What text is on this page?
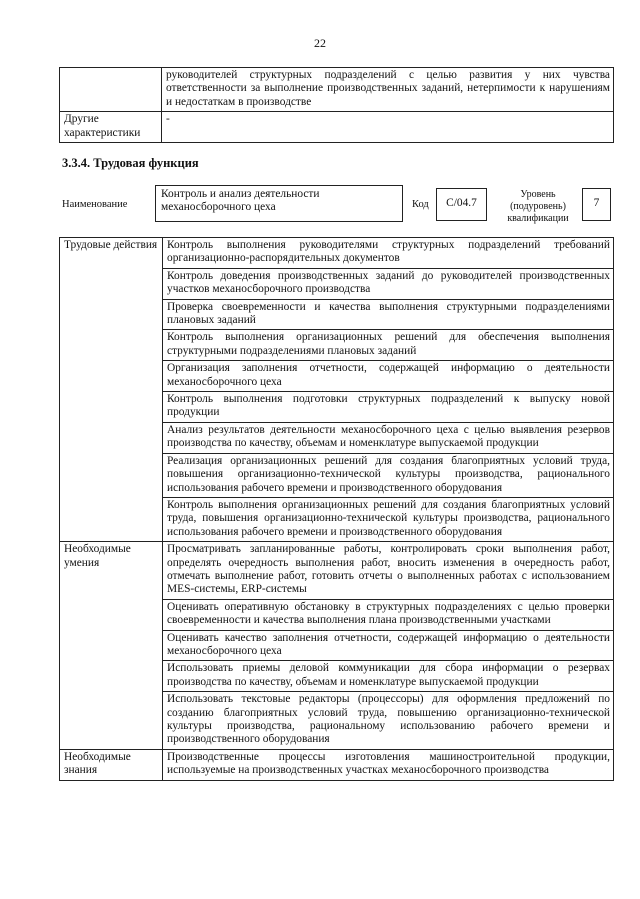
22
	руководителей структурных подразделений с целью развития у них чувства ответственности за выполнение производственных заданий, нетерпимости к нарушениям и недостаткам в производстве
Другие характеристики	-
3.3.4. Трудовая функция
Наименование
Контроль и анализ деятельности механосборочного цеха	Код	С/04.7
Уровень (подуровень) квалификации
7
Трудовые действия	Контроль выполнения руководителями структурных подразделений требований организационно-распорядительных документов
	Контроль доведения производственных заданий до руководителей производственных участков механосборочного производства
	Проверка своевременности и качества выполнения структурными подразделениями плановых заданий
	Контроль выполнения организационных решений для обеспечения выполнения структурными подразделениями плановых заданий
	Организация заполнения отчетности, содержащей информацию о деятельности механосборочного цеха
	Контроль выполнения подготовки структурных подразделений к выпуску новой продукции
	Анализ результатов деятельности механосборочного цеха с целью выявления резервов производства по качеству, объемам и номенклатуре выпускаемой продукции
	Реализация организационных решений для создания благоприятных условий труда, повышения организационно-технической культуры производства, рационального использования рабочего времени и производственного оборудования
	Контроль выполнения организационных решений для создания благоприятных условий труда, повышения организационно-технической культуры производства, рационального использования рабочего времени и производственного оборудования
Необходимые умения	Просматривать запланированные работы, контролировать сроки выполнения работ, определять очередность выполнения работ, вносить изменения в очередность работ, отмечать выполнение работ, готовить отчеты о выполненных работах с использованием MES-системы, ERP-системы
	Оценивать оперативную обстановку в структурных подразделениях с целью проверки своевременности и качества выполнения плана производственными участками
	Оценивать качество заполнения отчетности, содержащей информацию о деятельности механосборочного цеха
	Использовать приемы деловой коммуникации для сбора информации о резервах производства по качеству, объемам и номенклатуре выпускаемой продукции
	Использовать текстовые редакторы (процессоры) для оформления предложений по созданию благоприятных условий труда, повышению организационно-технической культуры производства, рациональному использованию рабочего времени и производственного оборудования
Необходимые знания	Производственные процессы изготовления машиностроительной продукции, используемые на производственных участках механосборочного производства
